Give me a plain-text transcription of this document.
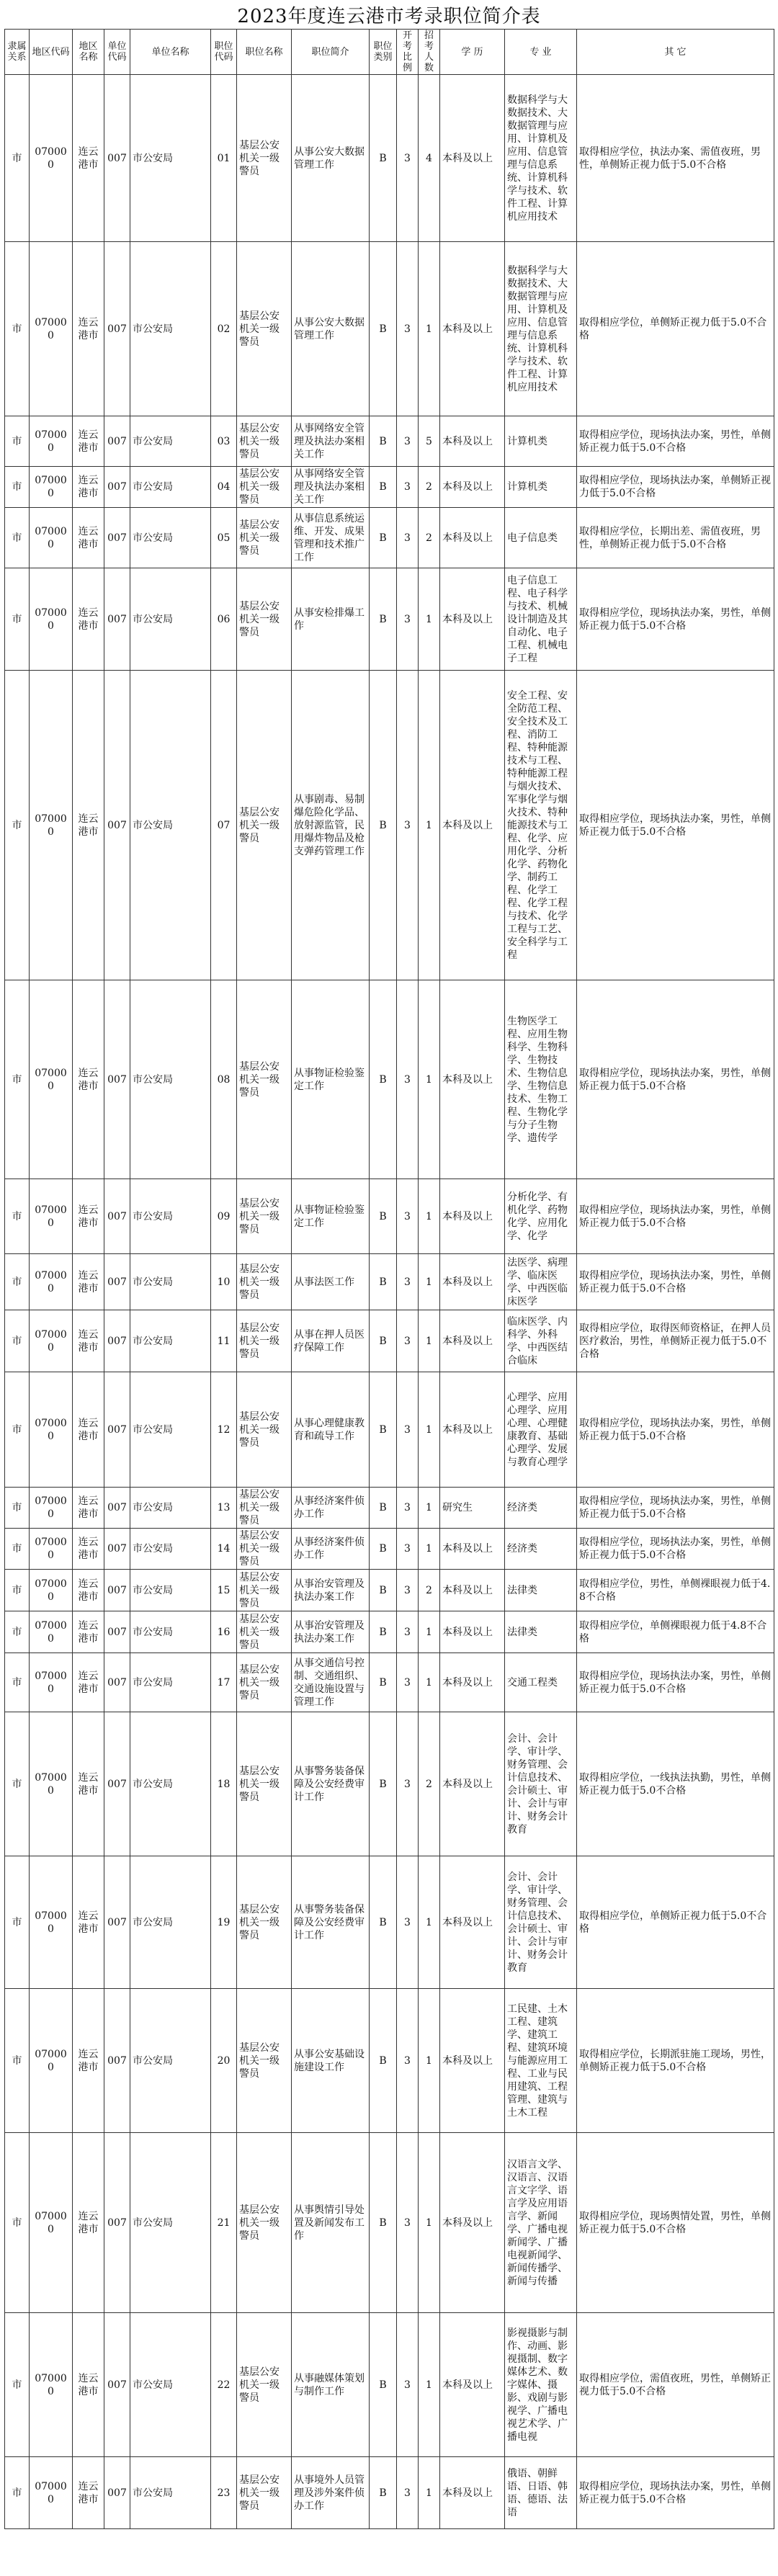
2023年度连云港市考录职位简介表
隶属关系	地区代码	地区名称	单位代码	单位名称	职位代码	职位名称	职位简介	职位类别	开考比例	招考人数	学 历	专 业	其 它
市	070000	连云港市	007	市公安局	01	基层公安机关一级警员	从事公安大数据管理工作	B	3	4	本科及以上	数据科学与大数据技术、大数据管理与应用、计算机及应用、信息管理与信息系统、计算机科学与技术、软件工程、计算机应用技术	取得相应学位，执法办案、需值夜班，男性，单侧矫正视力低于5.0不合格
市	070000	连云港市	007	市公安局	02	基层公安机关一级警员	从事公安大数据管理工作	B	3	1	本科及以上	数据科学与大数据技术、大数据管理与应用、计算机及应用、信息管理与信息系统、计算机科学与技术、软件工程、计算机应用技术	取得相应学位，单侧矫正视力低于5.0不合格
市	070000	连云港市	007	市公安局	03	基层公安机关一级警员	从事网络安全管理及执法办案相关工作	B	3	5	本科及以上	计算机类	取得相应学位，现场执法办案，男性，单侧矫正视力低于5.0不合格
市	070000	连云港市	007	市公安局	04	基层公安机关一级警员	从事网络安全管理及执法办案相关工作	B	3	2	本科及以上	计算机类	取得相应学位，现场执法办案，单侧矫正视力低于5.0不合格
市	070000	连云港市	007	市公安局	05	基层公安机关一级警员	从事信息系统运维、开发、成果管理和技术推广工作	B	3	2	本科及以上	电子信息类	取得相应学位，长期出差、需值夜班，男性，单侧矫正视力低于5.0不合格
市	070000	连云港市	007	市公安局	06	基层公安机关一级警员	从事安检排爆工作	B	3	1	本科及以上	电子信息工程、电子科学与技术、机械设计制造及其自动化、电子工程、机械电子工程	取得相应学位，现场执法办案，男性，单侧矫正视力低于5.0不合格
市	070000	连云港市	007	市公安局	07	基层公安机关一级警员	从事剧毒、易制爆危险化学品、放射源监管，民用爆炸物品及枪支弹药管理工作	B	3	1	本科及以上	安全工程、安全防范工程、安全技术及工程、消防工程、特种能源技术与工程、特种能源工程与烟火技术、军事化学与烟火技术、特种能源技术与工程、化学、应用化学、分析化学、药物化学、制药工程、化学工程、化学工程与技术、化学工程与工艺、安全科学与工程	取得相应学位，现场执法办案，男性，单侧矫正视力低于5.0不合格
市	070000	连云港市	007	市公安局	08	基层公安机关一级警员	从事物证检验鉴定工作	B	3	1	本科及以上	生物医学工程、应用生物科学、生物科学、生物技术、生物信息学、生物信息技术、生物工程、生物化学与分子生物学、遗传学	取得相应学位，现场执法办案，男性，单侧矫正视力低于5.0不合格
市	070000	连云港市	007	市公安局	09	基层公安机关一级警员	从事物证检验鉴定工作	B	3	1	本科及以上	分析化学、有机化学、药物化学、应用化学、化学	取得相应学位，现场执法办案，男性，单侧矫正视力低于5.0不合格
市	070000	连云港市	007	市公安局	10	基层公安机关一级警员	从事法医工作	B	3	1	本科及以上	法医学、病理学、临床医学、中西医临床医学	取得相应学位，现场执法办案，男性，单侧矫正视力低于5.0不合格
市	070000	连云港市	007	市公安局	11	基层公安机关一级警员	从事在押人员医疗保障工作	B	3	1	本科及以上	临床医学、内科学、外科学、中西医结合临床	取得相应学位，取得医师资格证，在押人员医疗救治，男性，单侧矫正视力低于5.0不合格
市	070000	连云港市	007	市公安局	12	基层公安机关一级警员	从事心理健康教育和疏导工作	B	3	1	本科及以上	心理学、应用心理学、应用心理、心理健康教育、基础心理学、发展与教育心理学	取得相应学位，现场执法办案，男性，单侧矫正视力低于5.0不合格
市	070000	连云港市	007	市公安局	13	基层公安机关一级警员	从事经济案件侦办工作	B	3	1	研究生	经济类	取得相应学位，现场执法办案，男性，单侧矫正视力低于5.0不合格
市	070000	连云港市	007	市公安局	14	基层公安机关一级警员	从事经济案件侦办工作	B	3	1	本科及以上	经济类	取得相应学位，现场执法办案，男性，单侧矫正视力低于5.0不合格
市	070000	连云港市	007	市公安局	15	基层公安机关一级警员	从事治安管理及执法办案工作	B	3	2	本科及以上	法律类	取得相应学位，男性，单侧裸眼视力低于4.8不合格
市	070000	连云港市	007	市公安局	16	基层公安机关一级警员	从事治安管理及执法办案工作	B	3	1	本科及以上	法律类	取得相应学位，单侧裸眼视力低于4.8不合格
市	070000	连云港市	007	市公安局	17	基层公安机关一级警员	从事交通信号控制、交通组织、交通设施设置与管理工作	B	3	1	本科及以上	交通工程类	取得相应学位，现场执法办案，男性，单侧矫正视力低于5.0不合格
市	070000	连云港市	007	市公安局	18	基层公安机关一级警员	从事警务装备保障及公安经费审计工作	B	3	2	本科及以上	会计、会计学、审计学、财务管理、会计信息技术、会计硕士、审计、会计与审计、财务会计教育	取得相应学位，一线执法执勤，男性，单侧矫正视力低于5.0不合格
市	070000	连云港市	007	市公安局	19	基层公安机关一级警员	从事警务装备保障及公安经费审计工作	B	3	1	本科及以上	会计、会计学、审计学、财务管理、会计信息技术、会计硕士、审计、会计与审计、财务会计教育	取得相应学位，单侧矫正视力低于5.0不合格
市	070000	连云港市	007	市公安局	20	基层公安机关一级警员	从事公安基础设施建设工作	B	3	1	本科及以上	工民建、土木工程、建筑学、建筑工程、建筑环境与能源应用工程、工业与民用建筑、工程管理、建筑与土木工程	取得相应学位，长期派驻施工现场，男性，单侧矫正视力低于5.0不合格
市	070000	连云港市	007	市公安局	21	基层公安机关一级警员	从事舆情引导处置及新闻发布工作	B	3	1	本科及以上	汉语言文学、汉语言、汉语言文字学、语言学及应用语言学、新闻学、广播电视新闻学、广播电视新闻学、新闻传播学、新闻与传播	取得相应学位，现场舆情处置，男性，单侧矫正视力低于5.0不合格
市	070000	连云港市	007	市公安局	22	基层公安机关一级警员	从事融媒体策划与制作工作	B	3	1	本科及以上	影视摄影与制作、动画、影视摄制、数字媒体艺术、数字媒体、摄影、戏剧与影视学、广播电视艺术学、广播电视	取得相应学位，需值夜班，男性，单侧矫正视力低于5.0不合格
市	070000	连云港市	007	市公安局	23	基层公安机关一级警员	从事境外人员管理及涉外案件侦办工作	B	3	1	本科及以上	俄语、朝鲜语、日语、韩语、德语、法语	取得相应学位，现场执法办案，男性，单侧矫正视力低于5.0不合格
